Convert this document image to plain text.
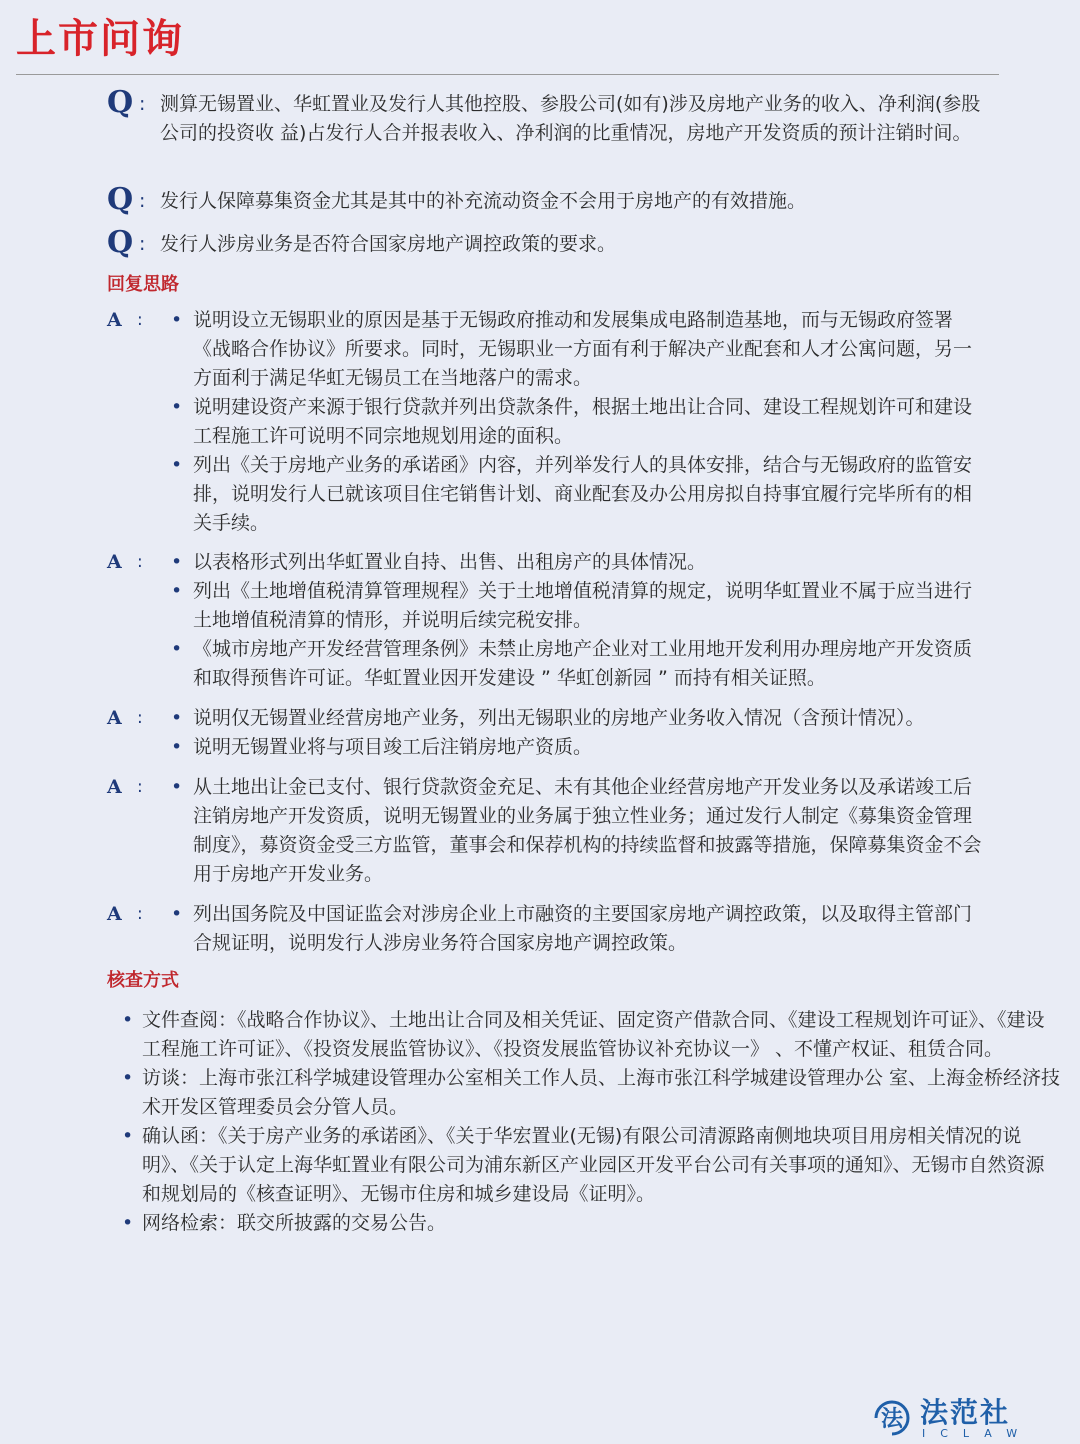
上市问询
Q : 测算无锡置业、华虹置业及发行人其他控股、参股公司(如有)涉及房地产业务的收入、净利润(参股公司的投资收 益)占发行人合并报表收入、净利润的比重情况，房地产开发资质的预计注销时间。
Q : 发行人保障募集资金尤其是其中的补充流动资金不会用于房地产的有效措施。
Q : 发行人涉房业务是否符合国家房地产调控政策的要求。
回复思路
A :	• 说明设立无锡职业的原因是基于无锡政府推动和发展集成电路制造基地，而与无锡政府签署《战略合作协议》所要求。同时，无锡职业一方面有利于解决产业配套和人才公寓问题，另一方面利于满足华虹无锡员工在当地落户的需求。
• 说明建设资产来源于银行贷款并列出贷款条件，根据土地出让合同、建设工程规划许可和建设工程施工许可说明不同宗地规划用途的面积。
• 列出《关于房地产业务的承诺函》内容，并列举发行人的具体安排，结合与无锡政府的监管安排，说明发行人已就该项目住宅销售计划、商业配套及办公用房拟自持事宜履行完毕所有的相关手续。
A :	• 以表格形式列出华虹置业自持、出售、出租房产的具体情况。
• 列出《土地增值税清算管理规程》关于土地增值税清算的规定，说明华虹置业不属于应当进行土地增值税清算的情形，并说明后续完税安排。
• 《城市房地产开发经营管理条例》未禁止房地产企业对工业用地开发利用办理房地产开发资质和取得预售许可证。华虹置业因开发建设 ” 华虹创新园 ” 而持有相关证照。
A :	• 说明仅无锡置业经营房地产业务，列出无锡职业的房地产业务收入情况（含预计情况）。
• 说明无锡置业将与项目竣工后注销房地产资质。
A :	• 从土地出让金已支付、银行贷款资金充足、未有其他企业经营房地产开发业务以及承诺竣工后注销房地产开发资质，说明无锡置业的业务属于独立性业务；通过发行人制定《募集资金管理制度》，募资资金受三方监管，董事会和保荐机构的持续监督和披露等措施，保障募集资金不会用于房地产开发业务。
A :	• 列出国务院及中国证监会对涉房企业上市融资的主要国家房地产调控政策，以及取得主管部门合规证明，说明发行人涉房业务符合国家房地产调控政策。
核查方式
• 文件查阅：《战略合作协议》、土地出让合同及相关凭证、固定资产借款合同、《建设工程规划许可证》、《建设工程施工许可证》、《投资发展监管协议》、《投资发展监管协议补充协议一》 、不懂产权证、租赁合同。
• 访谈：上海市张江科学城建设管理办公室相关工作人员、上海市张江科学城建设管理办公 室、上海金桥经济技术开发区管理委员会分管人员。
• 确认函：《关于房产业务的承诺函》、《关于华宏置业(无锡)有限公司清源路南侧地块项目用房相关情况的说明》、《关于认定上海华虹置业有限公司为浦东新区产业园区开发平台公司有关事项的通知》、无锡市自然资源和规划局的《核查证明》、无锡市住房和城乡建设局《证明》。
• 网络检索：联交所披露的交易公告。
法 法范社
ICLAW
